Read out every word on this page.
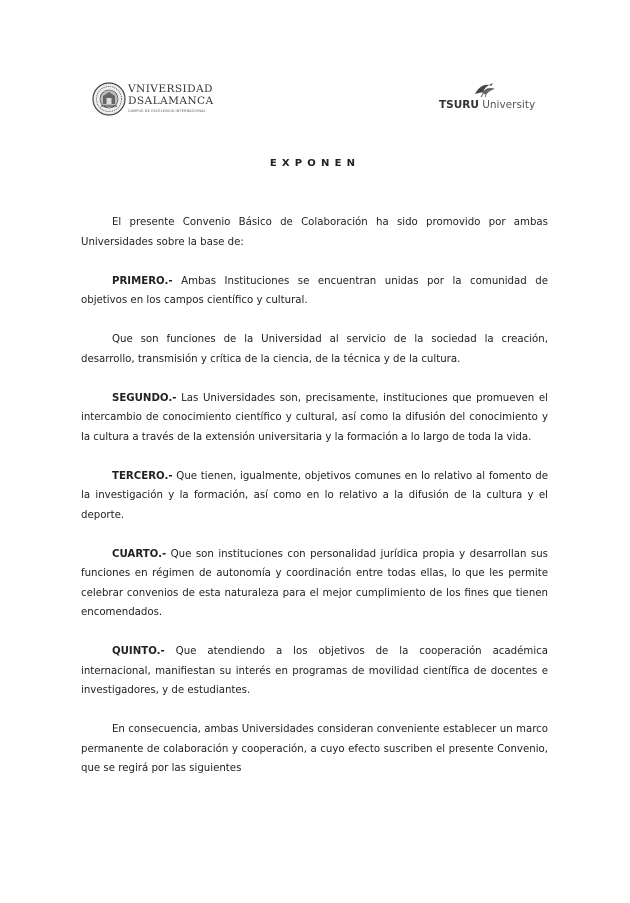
VNIVERSIDAD
DSALAMANCA
CAMPUS DE EXCELENCIA INTERNACIONAL	TSURU University
EXPONEN

El presente Convenio Básico de Colaboración ha sido promovido por ambas Universidades sobre la base de:

PRIMERO.- Ambas Instituciones se encuentran unidas por la comunidad de objetivos en los campos científico y cultural.

Que son funciones de la Universidad al servicio de la sociedad la creación, desarrollo, transmisión y crítica de la ciencia, de la técnica y de la cultura.

SEGUNDO.- Las Universidades son, precisamente, instituciones que promueven el intercambio de conocimiento científico y cultural, así como la difusión del conocimiento y la cultura a través de la extensión universitaria y la formación a lo largo de toda la vida.

TERCERO.- Que tienen, igualmente, objetivos comunes en lo relativo al fomento de la investigación y la formación, así como en lo relativo a la difusión de la cultura y el deporte.

CUARTO.- Que son instituciones con personalidad jurídica propia y desarrollan sus funciones en régimen de autonomía y coordinación entre todas ellas, lo que les permite celebrar convenios de esta naturaleza para el mejor cumplimiento de los fines que tienen encomendados.

QUINTO.- Que atendiendo a los objetivos de la cooperación académica internacional, manifiestan su interés en programas de movilidad científica de docentes e investigadores, y de estudiantes.

En consecuencia, ambas Universidades consideran conveniente establecer un marco permanente de colaboración y cooperación, a cuyo efecto suscriben el presente Convenio, que se regirá por las siguientes
